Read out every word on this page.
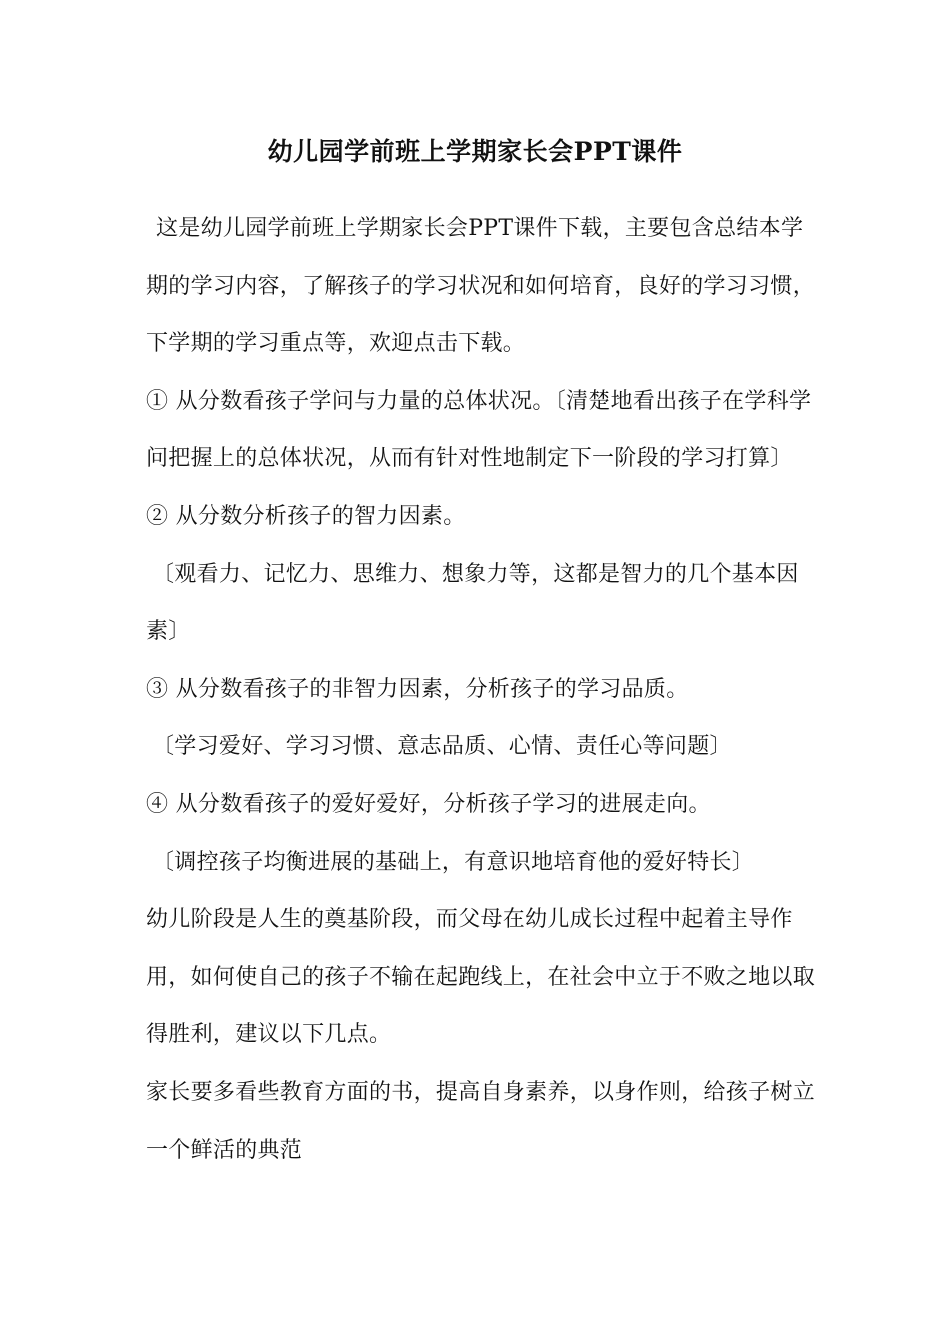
幼儿园学前班上学期家长会PPT课件

这是幼儿园学前班上学期家长会PPT课件下载，主要包含总结本学期的学习内容，了解孩子的学习状况和如何培育，良好的学习习惯，下学期的学习重点等，欢迎点击下载。

① 从分数看孩子学问与力量的总体状况。〔清楚地看出孩子在学科学问把握上的总体状况，从而有针对性地制定下一阶段的学习打算〕

② 从分数分析孩子的智力因素。

〔观看力、记忆力、思维力、想象力等，这都是智力的几个基本因素〕

③ 从分数看孩子的非智力因素，分析孩子的学习品质。

〔学习爱好、学习习惯、意志品质、心情、责任心等问题〕

④ 从分数看孩子的爱好爱好，分析孩子学习的进展走向。

〔调控孩子均衡进展的基础上，有意识地培育他的爱好特长〕

幼儿阶段是人生的奠基阶段，而父母在幼儿成长过程中起着主导作用，如何使自己的孩子不输在起跑线上，在社会中立于不败之地以取得胜利，建议以下几点。

家长要多看些教育方面的书，提高自身素养，以身作则，给孩子树立一个鲜活的典范
